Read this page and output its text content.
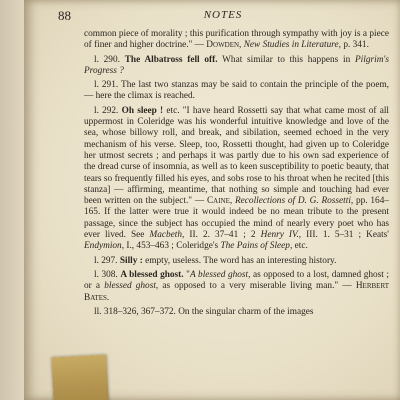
88	NOTES

common piece of morality ; this purification through sympathy with joy is a piece of finer and higher doctrine." — Dowden, New Studies in Literature, p. 341.

l. 290. The Albatross fell off. What similar to this happens in Pilgrim's Progress ?

l. 291. The last two stanzas may be said to contain the principle of the poem, — here the climax is reached.

l. 292. Oh sleep ! etc. "I have heard Rossetti say that what came most of all uppermost in Coleridge was his wonderful intuitive knowledge and love of the sea, whose billowy roll, and break, and sibilation, seemed echoed in the very mechanism of his verse. Sleep, too, Rossetti thought, had given up to Coleridge her utmost secrets ; and perhaps it was partly due to his own sad experience of the dread curse of insomnia, as well as to keen susceptibility to poetic beauty, that tears so frequently filled his eyes, and sobs rose to his throat when he recited [this stanza] — affirming, meantime, that nothing so simple and touching had ever been written on the subject." — Caine, Recollections of D. G. Rossetti, pp. 164–165. If the latter were true it would indeed be no mean tribute to the present passage, since the subject has occupied the mind of nearly every poet who has ever lived. See Macbeth, II. 2. 37–41 ; 2 Henry IV., III. 1. 5–31 ; Keats' Endymion, I., 453–463 ; Coleridge's The Pains of Sleep, etc.

l. 297. Silly : empty, useless. The word has an interesting history.

l. 308. A blessed ghost. "A blessed ghost, as opposed to a lost, damned ghost ; or a blessed ghost, as opposed to a very miserable living man." — Herbert Bates.

ll. 318–326, 367–372. On the singular charm of the images
